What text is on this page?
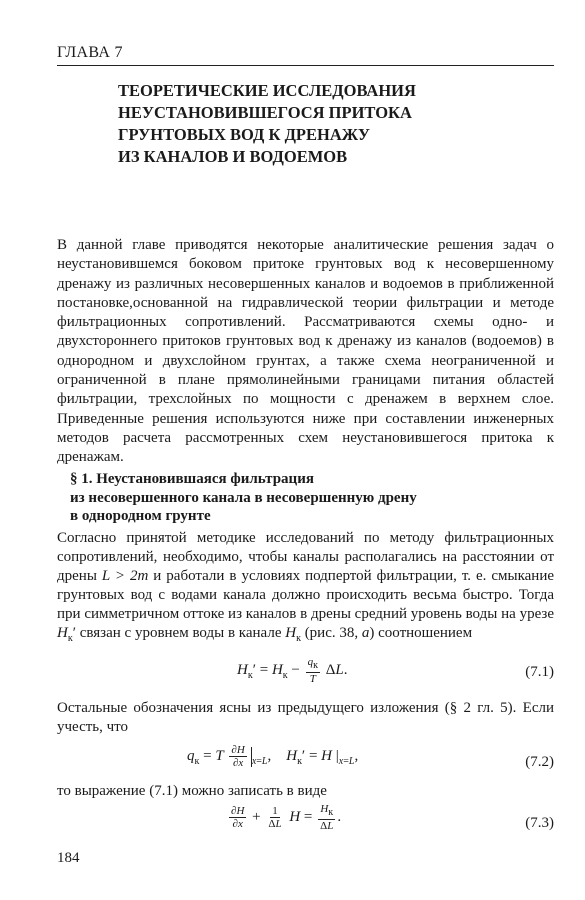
ГЛАВА 7
ТЕОРЕТИЧЕСКИЕ ИССЛЕДОВАНИЯ
НЕУСТАНОВИВШЕГОСЯ ПРИТОКА
ГРУНТОВЫХ ВОД К ДРЕНАЖУ
ИЗ КАНАЛОВ И ВОДОЕМОВ
В данной главе приводятся некоторые аналитические решения задач о неустановившемся боковом притоке грунтовых вод к несовершенному дренажу из различных несовершенных каналов и водоемов в приближенной постановке,основанной на гидравлической теории фильтрации и методе фильтрационных сопротивлений. Рассматриваются схемы одно- и двухстороннего притоков грунтовых вод к дренажу из каналов (водоемов) в однородном и двухслойном грунтах, а также схема неограниченной и ограниченной в плане прямолинейными границами питания областей фильтрации, трехслойных по мощности с дренажем в верхнем слое. Приведенные решения используются ниже при составлении инженерных методов расчета рассмотренных схем неустановившегося притока к дренажам.
§ 1. Неустановившаяся фильтрация
из несовершенного канала в несовершенную дрену
в однородном грунте
Согласно принятой методике исследований по методу фильтрационных сопротивлений, необходимо, чтобы каналы располагались на расстоянии от дрены L > 2m и работали в условиях подпертой фильтрации, т. е. смыкание грунтовых вод с водами канала должно происходить весьма быстро. Тогда при симметричном оттоке из каналов в дрены средний уровень воды на урезе $H_к'$ связан с уровнем воды в канале $H_к$ (рис. 38, а) соотношением
$H_к' = H_к - \frac{q_к}{T} \Delta L$.	(7.1)
Остальные обозначения ясны из предыдущего изложения (§ 2 гл. 5). Если учесть, что
$q_к = T \frac{\partial H}{\partial x} _{x=L}$,    $H_к' = H$ $|_{x=L}$,	(7.2)
то выражение (7.1) можно записать в виде
$\frac{\partial H}{\partial x} + \frac{1}{\Delta L}$ $H = \frac{H_к}{\Delta L}$ .	(7.3)
184
